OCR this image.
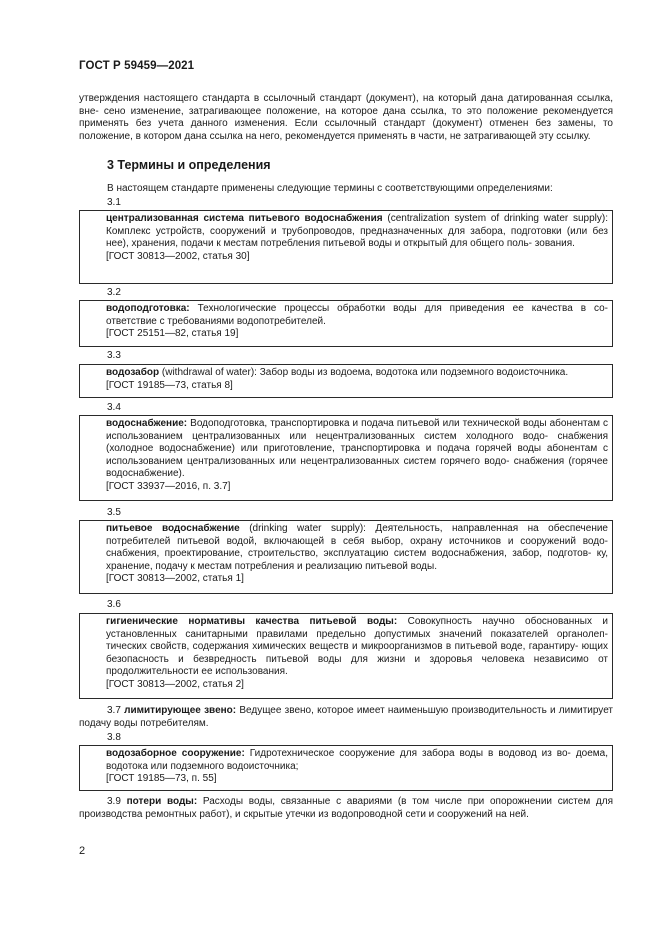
ГОСТ Р 59459—2021

утверждения настоящего стандарта в ссылочный стандарт (документ), на который дана датированная ссылка, вне- сено изменение, затрагивающее положение, на которое дана ссылка, то это положение рекомендуется применять без учета данного изменения. Если ссылочный стандарт (документ) отменен без замены, то положение, в котором дана ссылка на него, рекомендуется применять в части, не затрагивающей эту ссылку.

3 Термины и определения
В настоящем стандарте применены следующие термины с соответствующими определениями:
3.1
централизованная система питьевого водоснабжения (centralization system of drinking water supply): Комплекс устройств, сооружений и трубопроводов, предназначенных для забора, подготовки (или без нее), хранения, подачи к местам потребления питьевой воды и открытый для общего поль- зования.
[ГОСТ 30813—2002, статья 30]
3.2
водоподготовка: Технологические процессы обработки воды для приведения ее качества в со- ответствие с требованиями водопотребителей.
[ГОСТ 25151—82, статья 19]
3.3
водозабор (withdrawal of water): Забор воды из водоема, водотока или подземного водоисточника.
[ГОСТ 19185—73, статья 8]
3.4
водоснабжение: Водоподготовка, транспортировка и подача питьевой или технической воды абонентам с использованием централизованных или нецентрализованных систем холодного водо- снабжения (холодное водоснабжение) или приготовление, транспортировка и подача горячей воды абонентам с использованием централизованных или нецентрализованных систем горячего водо- снабжения (горячее водоснабжение).
[ГОСТ 33937—2016, п. 3.7]
3.5
питьевое водоснабжение (drinking water supply): Деятельность, направленная на обеспечение потребителей питьевой водой, включающей в себя выбор, охрану источников и сооружений водо- снабжения, проектирование, строительство, эксплуатацию систем водоснабжения, забор, подготов- ку, хранение, подачу к местам потребления и реализацию питьевой воды.
[ГОСТ 30813—2002, статья 1]
3.6
гигиенические нормативы качества питьевой воды: Совокупность научно обоснованных и установленных санитарными правилами предельно допустимых значений показателей органолеп- тических свойств, содержания химических веществ и микроорганизмов в питьевой воде, гарантиру- ющих безопасность и безвредность питьевой воды для жизни и здоровья человека независимо от продолжительности ее использования.
[ГОСТ 30813—2002, статья 2]
3.7 лимитирующее звено: Ведущее звено, которое имеет наименьшую производительность и лимитирует подачу воды потребителям.
3.8
водозаборное сооружение: Гидротехническое сооружение для забора воды в водовод из во- доема, водотока или подземного водоисточника;
[ГОСТ 19185—73, п. 55]
3.9 потери воды: Расходы воды, связанные с авариями (в том числе при опорожнении систем для производства ремонтных работ), и скрытые утечки из водопроводной сети и сооружений на ней.
2
